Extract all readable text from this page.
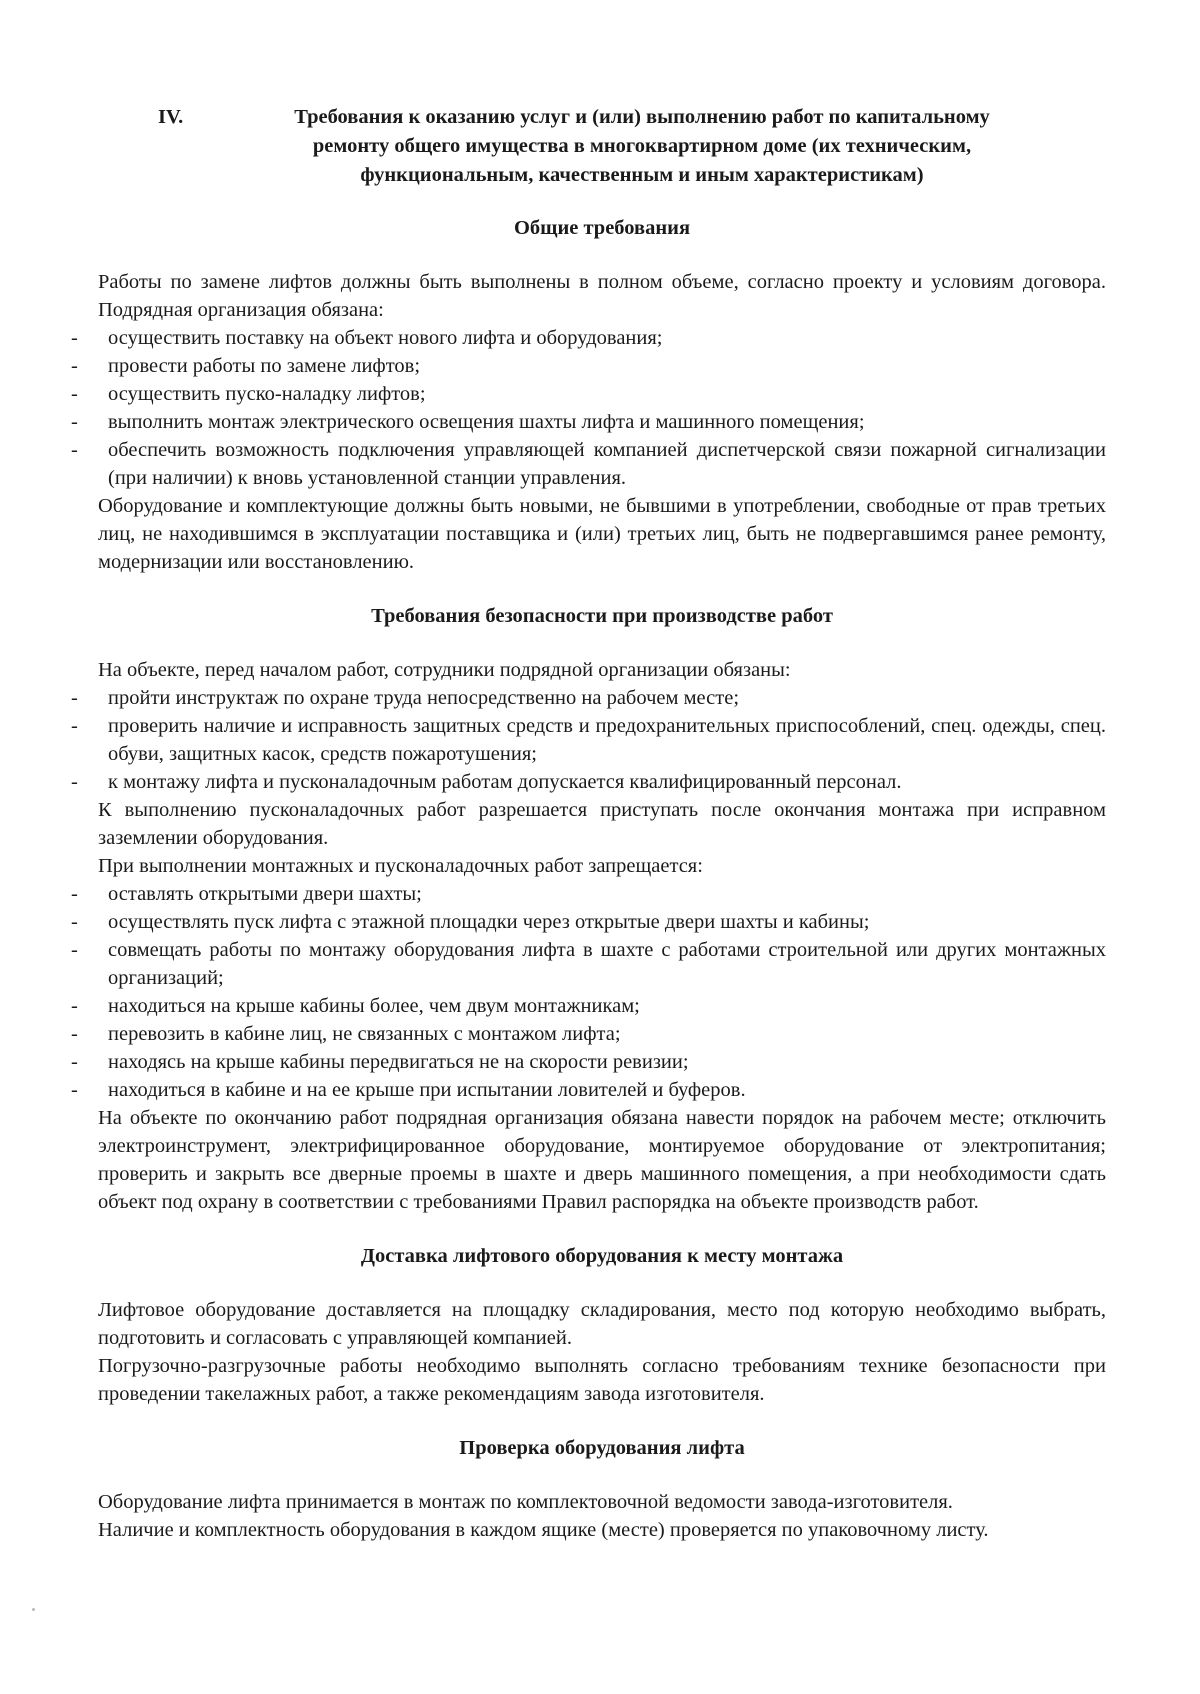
IV.	Требования к оказанию услуг и (или) выполнению работ по капитальному
ремонту общего имущества в многоквартирном доме (их техническим,
функциональным, качественным и иным характеристикам)
Общие требования

Работы по замене лифтов должны быть выполнены в полном объеме, согласно проекту и условиям договора. Подрядная организация обязана:

- осуществить поставку на объект нового лифта и оборудования;
- провести работы по замене лифтов;
- осуществить пуско-наладку лифтов;
- выполнить монтаж электрического освещения шахты лифта и машинного помещения;
- обеспечить возможность подключения управляющей компанией диспетчерской связи пожарной сигнализации (при наличии) к вновь установленной станции управления.

Оборудование и комплектующие должны быть новыми, не бывшими в употреблении, свободные от прав третьих лиц, не находившимся в эксплуатации поставщика и (или) третьих лиц, быть не подвергавшимся ранее ремонту, модернизации или восстановлению.

Требования безопасности при производстве работ

На объекте, перед началом работ, сотрудники подрядной организации обязаны:

- пройти инструктаж по охране труда непосредственно на рабочем месте;
- проверить наличие и исправность защитных средств и предохранительных приспособлений, спец. одежды, спец. обуви, защитных касок, средств пожаротушения;
- к монтажу лифта и пусконаладочным работам допускается квалифицированный персонал.

К выполнению пусконаладочных работ разрешается приступать после окончания монтажа при исправном заземлении оборудования.

При выполнении монтажных и пусконаладочных работ запрещается:

- оставлять открытыми двери шахты;
- осуществлять пуск лифта с этажной площадки через открытые двери шахты и кабины;
- совмещать работы по монтажу оборудования лифта в шахте с работами строительной или других монтажных организаций;
- находиться на крыше кабины более, чем двум монтажникам;
- перевозить в кабине лиц, не связанных с монтажом лифта;
- находясь на крыше кабины передвигаться не на скорости ревизии;
- находиться в кабине и на ее крыше при испытании ловителей и буферов.

На объекте по окончанию работ подрядная организация обязана навести порядок на рабочем месте; отключить электроинструмент, электрифицированное оборудование, монтируемое оборудование от электропитания; проверить и закрыть все дверные проемы в шахте и дверь машинного помещения, а при необходимости сдать объект под охрану в соответствии с требованиями Правил распорядка на объекте производств работ.

Доставка лифтового оборудования к месту монтажа

Лифтовое оборудование доставляется на площадку складирования, место под которую необходимо выбрать, подготовить и согласовать с управляющей компанией.

Погрузочно-разгрузочные работы необходимо выполнять согласно требованиям технике безопасности при проведении такелажных работ, а также рекомендациям завода изготовителя.

Проверка оборудования лифта

Оборудование лифта принимается в монтаж по комплектовочной ведомости завода-изготовителя.

Наличие и комплектность оборудования в каждом ящике (месте) проверяется по упаковочному листу.
